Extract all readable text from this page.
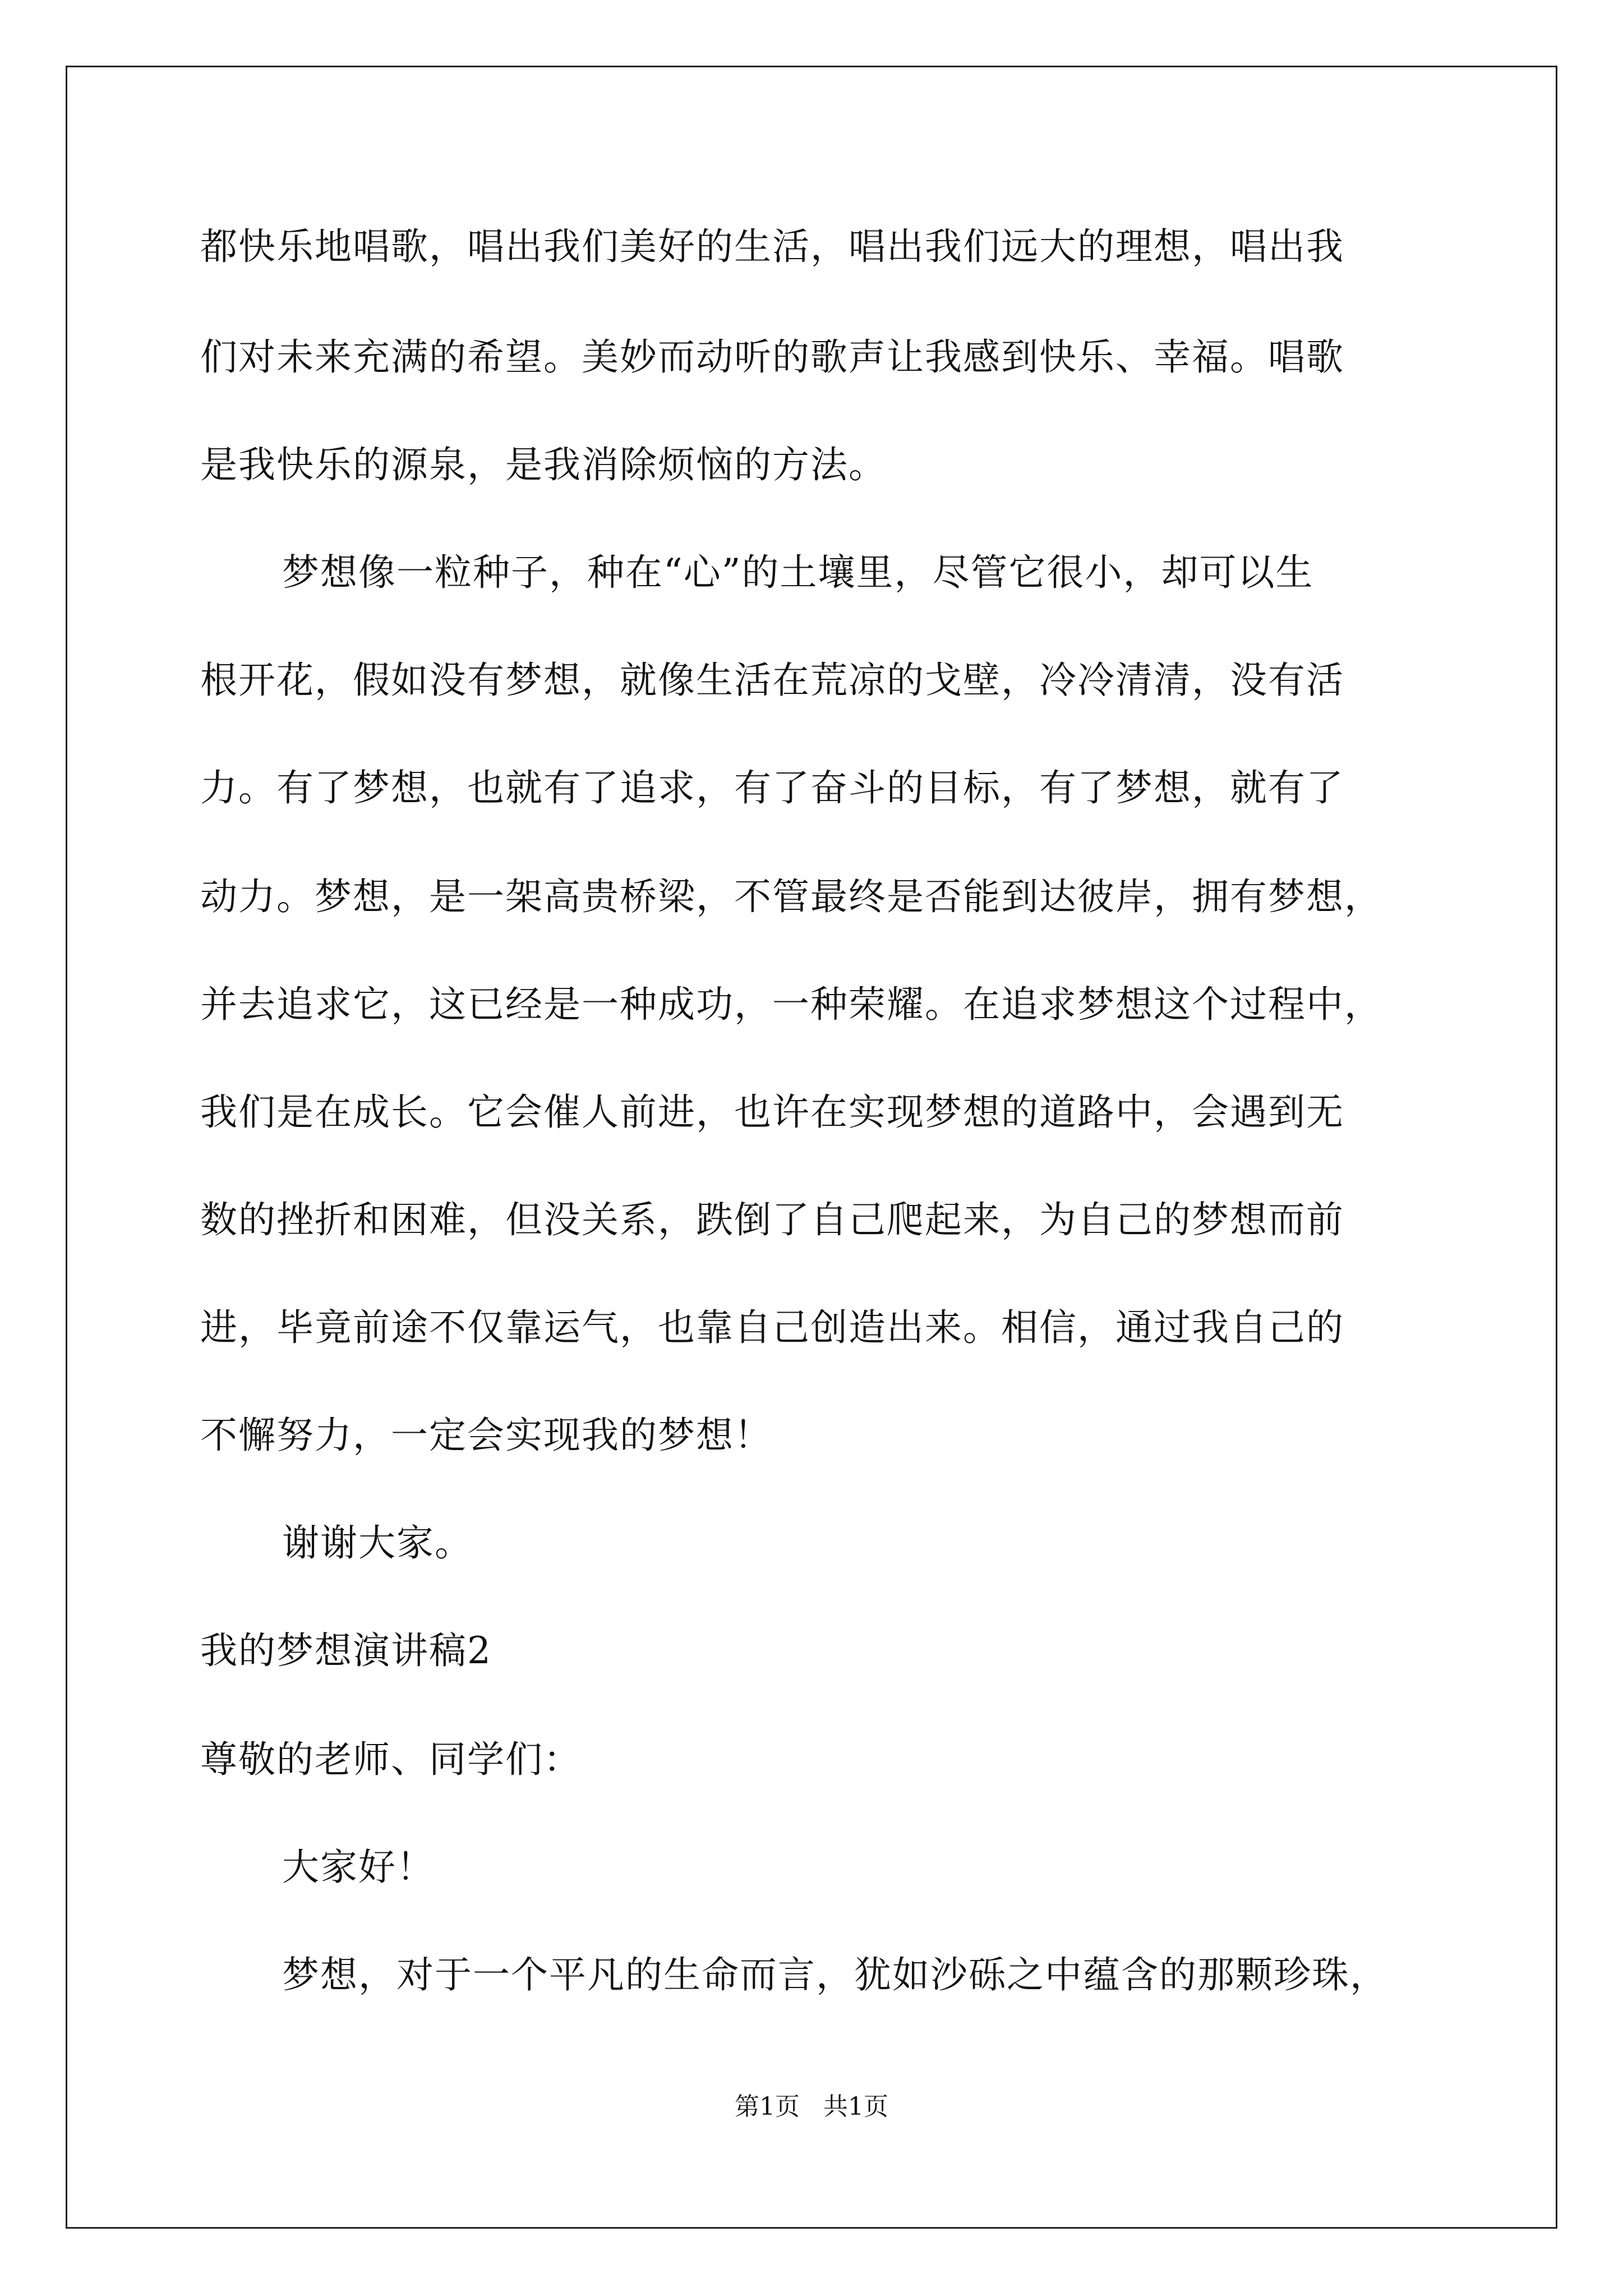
都快乐地唱歌，唱出我们美好的生活，唱出我们远大的理想，唱出我

们对未来充满的希望。美妙而动听的歌声让我感到快乐、幸福。唱歌

是我快乐的源泉，是我消除烦恼的方法。

梦想像一粒种子，种在“心”的土壤里，尽管它很小，却可以生

根开花，假如没有梦想，就像生活在荒凉的戈壁，冷冷清清，没有活

力。有了梦想，也就有了追求，有了奋斗的目标，有了梦想，就有了

动力。梦想，是一架高贵桥梁，不管最终是否能到达彼岸，拥有梦想，

并去追求它，这已经是一种成功，一种荣耀。在追求梦想这个过程中，

我们是在成长。它会催人前进，也许在实现梦想的道路中，会遇到无

数的挫折和困难，但没关系，跌倒了自己爬起来，为自己的梦想而前

进，毕竟前途不仅靠运气，也靠自己创造出来。相信，通过我自己的

不懈努力，一定会实现我的梦想！

谢谢大家。

我的梦想演讲稿2

尊敬的老师、同学们：

大家好！

梦想，对于一个平凡的生命而言，犹如沙砾之中蕴含的那颗珍珠，

第1页   共1页
